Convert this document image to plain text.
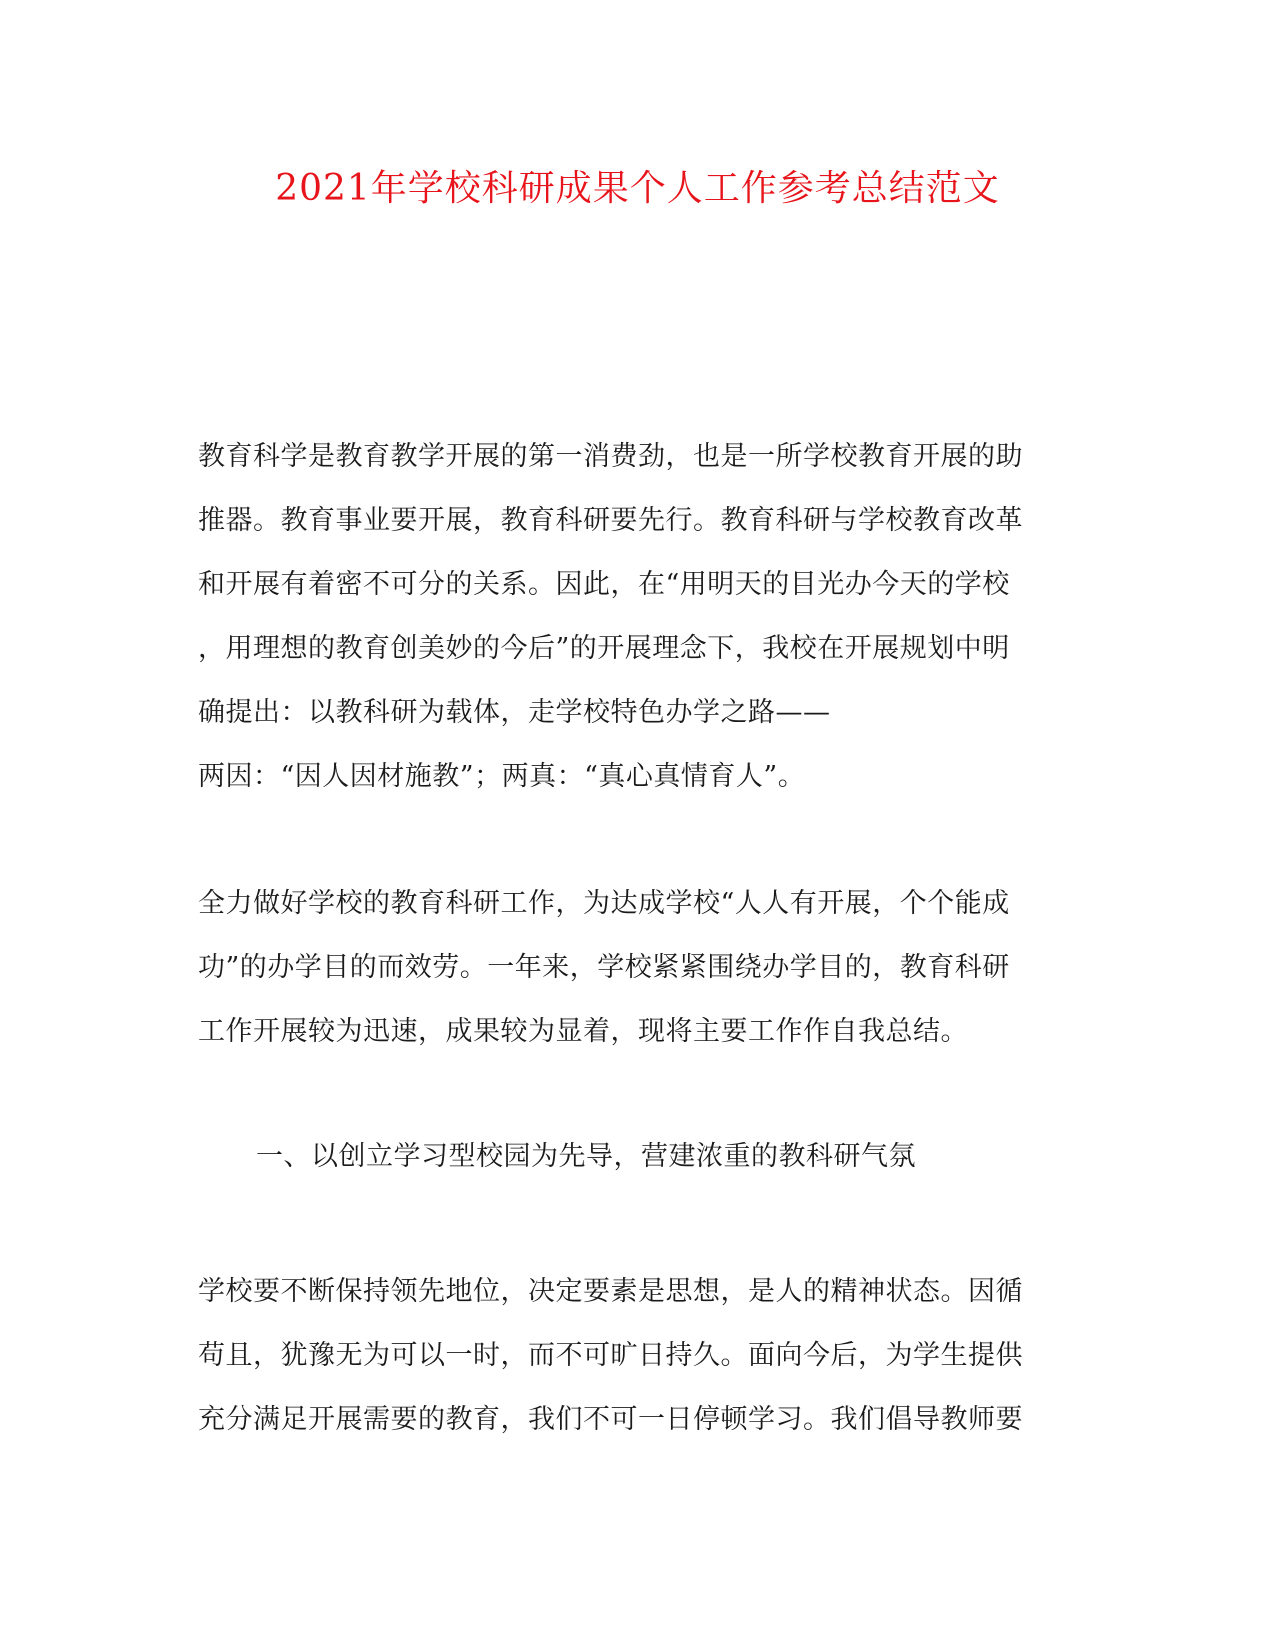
2021年学校科研成果个人工作参考总结范文
教育科学是教育教学开展的第一消费劲，也是一所学校教育开展的助
推器。教育事业要开展，教育科研要先行。教育科研与学校教育改革
和开展有着密不可分的关系。因此，在“用明天的目光办今天的学校
，用理想的教育创美妙的今后”的开展理念下，我校在开展规划中明
确提出：以教科研为载体，走学校特色办学之路——
两因：“因人因材施教”；两真：“真心真情育人”。
全力做好学校的教育科研工作，为达成学校“人人有开展，个个能成
功”的办学目的而效劳。一年来，学校紧紧围绕办学目的，教育科研
工作开展较为迅速，成果较为显着，现将主要工作作自我总结。
一、以创立学习型校园为先导，营建浓重的教科研气氛
学校要不断保持领先地位，决定要素是思想，是人的精神状态。因循
苟且，犹豫无为可以一时，而不可旷日持久。面向今后，为学生提供
充分满足开展需要的教育，我们不可一日停顿学习。我们倡导教师要
